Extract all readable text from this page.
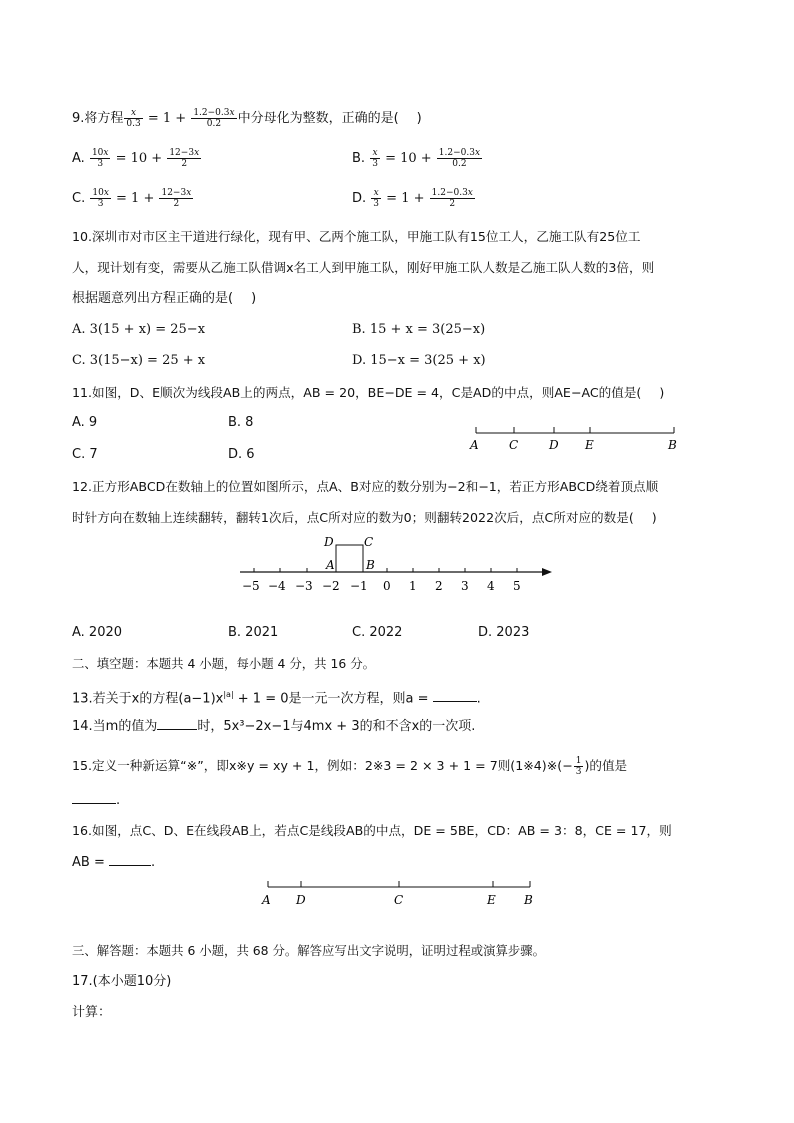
9.将方程 $\frac{x}{0.3} = 1 + \frac{1.2-0.3x}{0.2}$ 中分母化为整数，正确的是( )
A. $\frac{10x}{3} = 10 + \frac{12-3x}{2}$	B. $\frac{x}{3} = 10 + \frac{1.2-0.3x}{0.2}$
C. $\frac{10x}{3} = 1 + \frac{12-3x}{2}$	D. $\frac{x}{3} = 1 + \frac{1.2-0.3x}{2}$
10.深圳市对市区主干道进行绿化，现有甲、乙两个施工队，甲施工队有15位工人，乙施工队有25位工
人，现计划有变，需要从乙施工队借调x名工人到甲施工队，刚好甲施工队人数是乙施工队人数的3倍，则
根据题意列出方程正确的是( )
A. 3(15 + x) = 25−x	B. 15 + x = 3(25−x)
C. 3(15−x) = 25 + x	D. 15−x = 3(25 + x)
11.如图，D、E顺次为线段AB上的两点，AB = 20，BE−DE = 4，C是AD的中点，则AE−AC的值是( )
A. 9	B. 8
C. 7	D. 6
A	C	D E	B
12.正方形ABCD在数轴上的位置如图所示，点A、B对应的数分别为−2和−1，若正方形ABCD绕着顶点顺
时针方向在数轴上连续翻转，翻转1次后，点C所对应的数为0；则翻转2022次后，点C所对应的数是( )
D	C
A	B
−5 −4 −3 −2 −1 0 1 2 3 4 5
A. 2020	B. 2021	C. 2022	D. 2023
二、填空题：本题共 4 小题，每小题 4 分，共 16 分。
13.若关于x的方程$(a-1)x^{|a|} + 1 = 0$是一元一次方程，则a =	.
14.当m的值为	时，5x³−2x−1与4mx + 3的和不含x的一次项.
15.定义一种新运算“※”，即x※y = xy + 1，例如：2※3 = 2 × 3 + 1 = 7则(1※4)※(− $\frac{1}{3}$ )的值是
.
16.如图，点C、D、E在线段AB上，若点C是线段AB的中点，DE = 5BE，CD：AB = 3：8，CE = 17，则
AB =	.
A D	C	E B
三、解答题：本题共 6 小题，共 68 分。解答应写出文字说明，证明过程或演算步骤。
17.(本小题10分)
计算：
